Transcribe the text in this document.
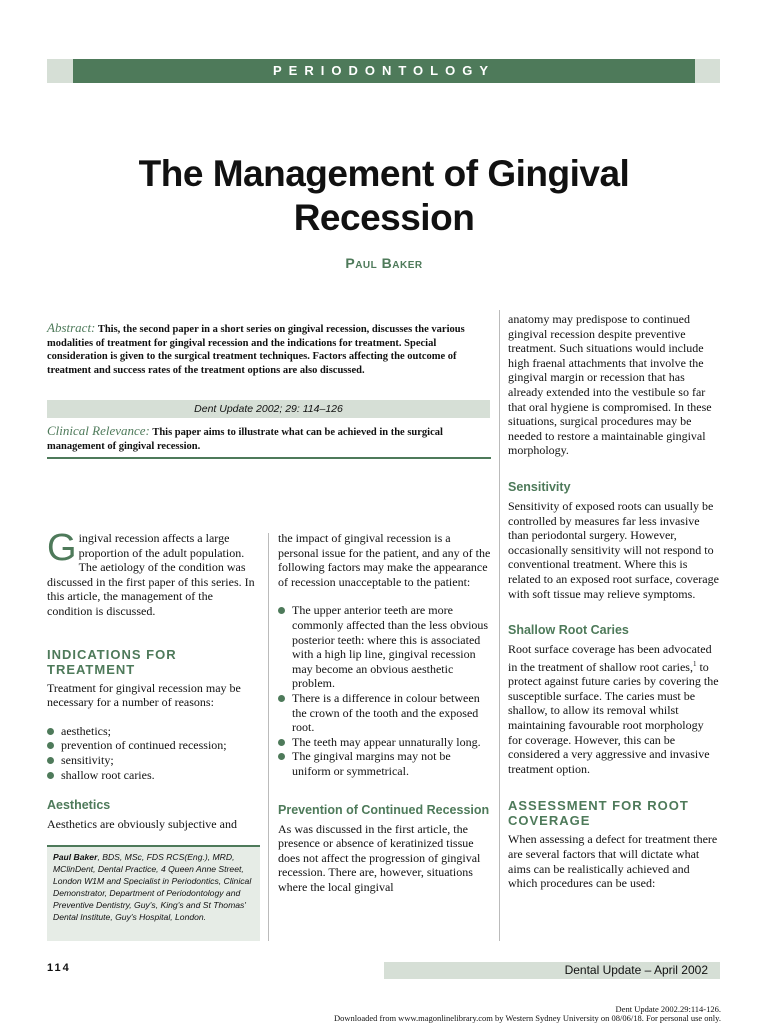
PERIODONTOLOGY
The Management of Gingival
Recession
Paul Baker
Abstract: This, the second paper in a short series on gingival recession, discusses the various modalities of treatment for gingival recession and the indications for treatment. Special consideration is given to the surgical treatment techniques. Factors affecting the outcome of treatment and success rates of the treatment options are also discussed.
Dent Update 2002; 29: 114–126
Clinical Relevance: This paper aims to illustrate what can be achieved in the surgical management of gingival recession.

Gingival recession affects a large proportion of the adult population. The aetiology of the condition was discussed in the first paper of this series. In this article, the management of the condition is discussed.

INDICATIONS FOR TREATMENT

Treatment for gingival recession may be necessary for a number of reasons:

aesthetics;
prevention of continued recession;
sensitivity;
shallow root caries.

Aesthetics

Aesthetics are obviously subjective and

Paul Baker, BDS, MSc, FDS RCS(Eng.), MRD, MClinDent, Dental Practice, 4 Queen Anne Street, London W1M and Specialist in Periodontics, Clinical Demonstrator, Department of Periodontology and Preventive Dentistry, Guy's, King's and St Thomas' Dental Institute, Guy's Hospital, London.

the impact of gingival recession is a personal issue for the patient, and any of the following factors may make the appearance of recession unacceptable to the patient:

The upper anterior teeth are more commonly affected than the less obvious posterior teeth: where this is associated with a high lip line, gingival recession may become an obvious aesthetic problem.
There is a difference in colour between the crown of the tooth and the exposed root.
The teeth may appear unnaturally long.
The gingival margins may not be uniform or symmetrical.

Prevention of Continued Recession

As was discussed in the first article, the presence or absence of keratinized tissue does not affect the progression of gingival recession. There are, however, situations where the local gingival

anatomy may predispose to continued gingival recession despite preventive treatment. Such situations would include high fraenal attachments that involve the gingival margin or recession that has already extended into the vestibule so far that oral hygiene is compromised. In these situations, surgical procedures may be needed to restore a maintainable gingival morphology.

Sensitivity

Sensitivity of exposed roots can usually be controlled by measures far less invasive than periodontal surgery. However, occasionally sensitivity will not respond to conventional treatment. Where this is related to an exposed root surface, coverage with soft tissue may relieve symptoms.

Shallow Root Caries

Root surface coverage has been advocated in the treatment of shallow root caries,$^1$ to protect against future caries by covering the susceptible surface. The caries must be shallow, to allow its removal whilst maintaining favourable root morphology for coverage. However, this can be considered a very aggressive and invasive treatment option.

ASSESSMENT FOR ROOT COVERAGE

When assessing a defect for treatment there are several factors that will dictate what aims can be realistically achieved and which procedures can be used:

114	Dental Update – April 2002
Dent Update 2002.29:114-126.
Downloaded from www.magonlinelibrary.com by Western Sydney University on 08/06/18. For personal use only.
